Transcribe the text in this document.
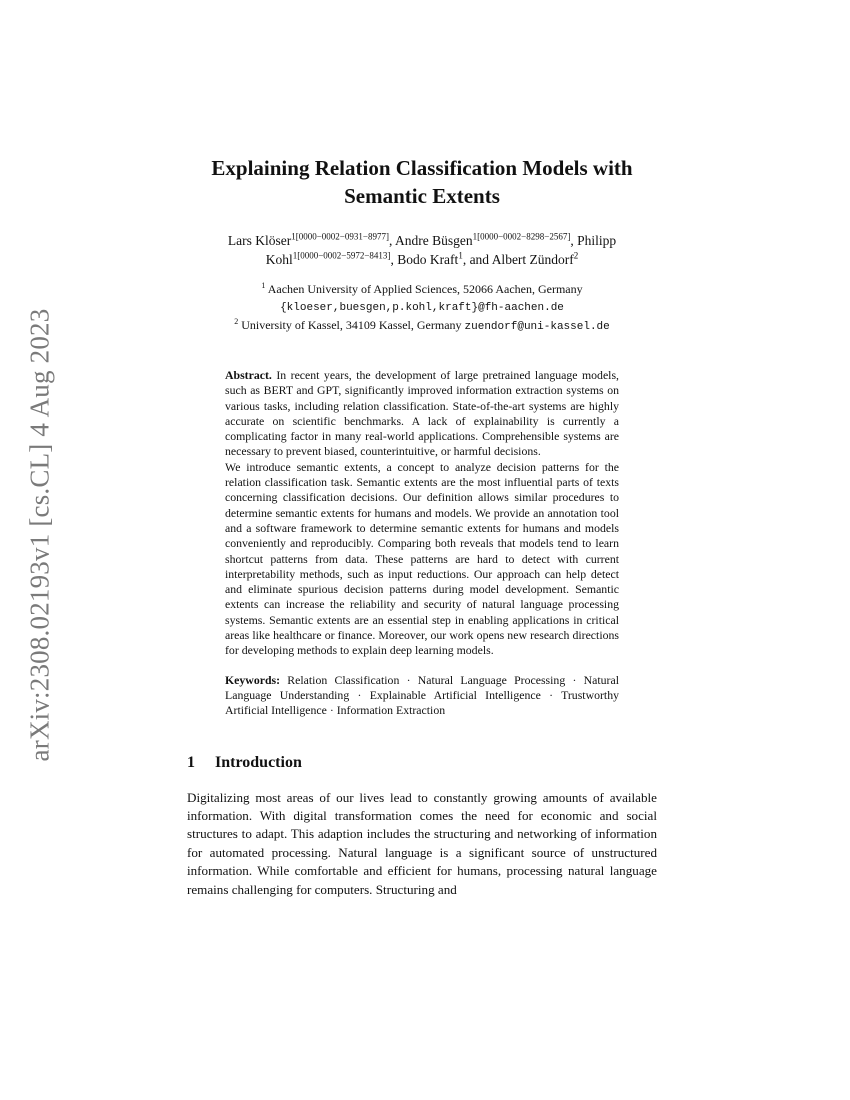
arXiv:2308.02193v1 [cs.CL] 4 Aug 2023
Explaining Relation Classification Models with
Semantic Extents
Lars Klöser$^{1[0000-0002-0931-8977]}$, Andre Büsgen$^{1[0000-0002-8298-2567]}$, Philipp Kohl$^{1[0000-0002-5972-8413]}$, Bodo Kraft$^1$, and Albert Zündorf$^2$
$^1$ Aachen University of Applied Sciences, 52066 Aachen, Germany
{kloeser,buesgen,p.kohl,kraft}@fh-aachen.de
$^2$ University of Kassel, 34109 Kassel, Germany zuendorf@uni-kassel.de

Abstract. In recent years, the development of large pretrained language models, such as BERT and GPT, significantly improved information extraction systems on various tasks, including relation classification. State-of-the-art systems are highly accurate on scientific benchmarks. A lack of explainability is currently a complicating factor in many real-world applications. Comprehensible systems are necessary to prevent biased, counterintuitive, or harmful decisions.

We introduce semantic extents, a concept to analyze decision patterns for the relation classification task. Semantic extents are the most influential parts of texts concerning classification decisions. Our definition allows similar procedures to determine semantic extents for humans and models. We provide an annotation tool and a software framework to determine semantic extents for humans and models conveniently and reproducibly. Comparing both reveals that models tend to learn shortcut patterns from data. These patterns are hard to detect with current interpretability methods, such as input reductions. Our approach can help detect and eliminate spurious decision patterns during model development. Semantic extents can increase the reliability and security of natural language processing systems. Semantic extents are an essential step in enabling applications in critical areas like healthcare or finance. Moreover, our work opens new research directions for developing methods to explain deep learning models.

Keywords: Relation Classification · Natural Language Processing · Natural Language Understanding · Explainable Artificial Intelligence · Trustworthy Artificial Intelligence · Information Extraction
1 Introduction

Digitalizing most areas of our lives lead to constantly growing amounts of available information. With digital transformation comes the need for economic and social structures to adapt. This adaption includes the structuring and networking of information for automated processing. Natural language is a significant source of unstructured information. While comfortable and efficient for humans, processing natural language remains challenging for computers. Structuring and
